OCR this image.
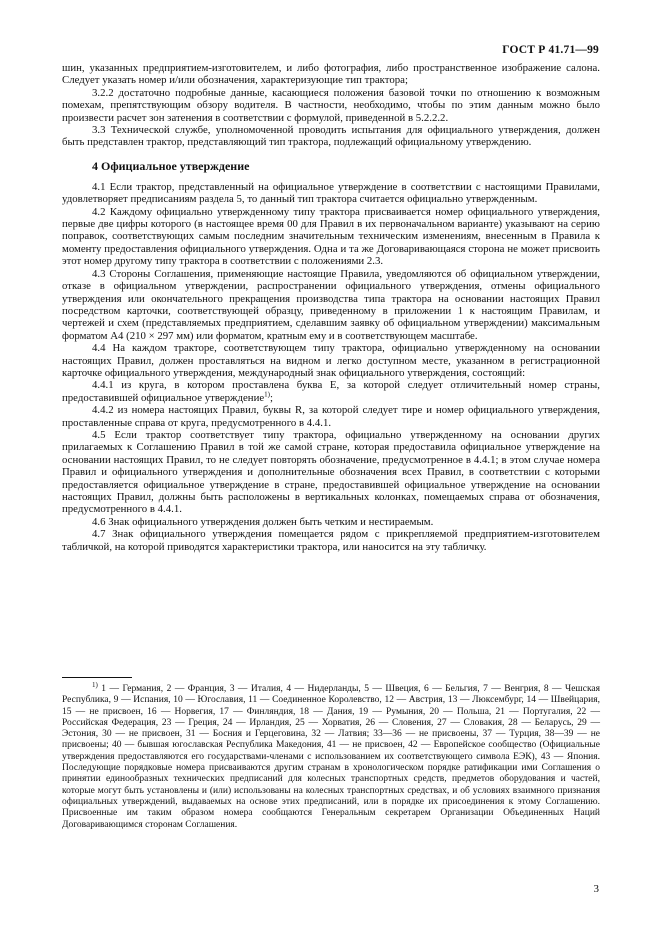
ГОСТ Р 41.71—99

шин, указанных предприятием-изготовителем, и либо фотография, либо пространственное изображение салона. Следует указать номер и/или обозначения, характеризующие тип трактора;

3.2.2 достаточно подробные данные, касающиеся положения базовой точки по отношению к возможным помехам, препятствующим обзору водителя. В частности, необходимо, чтобы по этим данным можно было произвести расчет зон затенения в соответствии с формулой, приведенной в 5.2.2.2.

3.3 Технической службе, уполномоченной проводить испытания для официального утверждения, должен быть представлен трактор, представляющий тип трактора, подлежащий официальному утверждению.

4 Официальное утверждение

4.1 Если трактор, представленный на официальное утверждение в соответствии с настоящими Правилами, удовлетворяет предписаниям раздела 5, то данный тип трактора считается официально утвержденным.

4.2 Каждому официально утвержденному типу трактора присваивается номер официального утверждения, первые две цифры которого (в настоящее время 00 для Правил в их первоначальном варианте) указывают на серию поправок, соответствующих самым последним значительным техническим изменениям, внесенным в Правила к моменту предоставления официального утверждения. Одна и та же Договаривающаяся сторона не может присвоить этот номер другому типу трактора в соответствии с положениями 2.3.

4.3 Стороны Соглашения, применяющие настоящие Правила, уведомляются об официальном утверждении, отказе в официальном утверждении, распространении официального утверждения, отмены официального утверждения или окончательного прекращения производства типа трактора на основании настоящих Правил посредством карточки, соответствующей образцу, приведенному в приложении 1 к настоящим Правилам, и чертежей и схем (представляемых предприятием, сделавшим заявку об официальном утверждении) максимальным форматом А4 (210 × 297 мм) или форматом, кратным ему и в соответствующем масштабе.

4.4 На каждом тракторе, соответствующем типу трактора, официально утвержденному на основании настоящих Правил, должен проставляться на видном и легко доступном месте, указанном в регистрационной карточке официального утверждения, международный знак официального утверждения, состоящий:

4.4.1 из круга, в котором проставлена буква Е, за которой следует отличительный номер страны, предоставившей официальное утверждение$^{1)}$;

4.4.2 из номера настоящих Правил, буквы R, за которой следует тире и номер официального утверждения, проставленные справа от круга, предусмотренного в 4.4.1.

4.5 Если трактор соответствует типу трактора, официально утвержденному на основании других прилагаемых к Соглашению Правил в той же самой стране, которая предоставила официальное утверждение на основании настоящих Правил, то не следует повторять обозначение, предусмотренное в 4.4.1; в этом случае номера Правил и официального утверждения и дополнительные обозначения всех Правил, в соответствии с которыми предоставляется официальное утверждение в стране, предоставившей официальное утверждение на основании настоящих Правил, должны быть расположены в вертикальных колонках, помещаемых справа от обозначения, предусмотренного в 4.4.1.

4.6 Знак официального утверждения должен быть четким и нестираемым.

4.7 Знак официального утверждения помещается рядом с прикрепляемой предприятием-изготовителем табличкой, на которой приводятся характеристики трактора, или наносится на эту табличку.

$^{1)}$ 1 — Германия, 2 — Франция, 3 — Италия, 4 — Нидерланды, 5 — Швеция, 6 — Бельгия, 7 — Венгрия, 8 — Чешская Республика, 9 — Испания, 10 — Югославия, 11 — Соединенное Королевство, 12 — Австрия, 13 — Люксембург, 14 — Швейцария, 15 — не присвоен, 16 — Норвегия, 17 — Финляндия, 18 — Дания, 19 — Румыния, 20 — Польша, 21 — Португалия, 22 — Российская Федерация, 23 — Греция, 24 — Ирландия, 25 — Хорватия, 26 — Словения, 27 — Словакия, 28 — Беларусь, 29 — Эстония, 30 — не присвоен, 31 — Босния и Герцеговина, 32 — Латвия; 33—36 — не присвоены, 37 — Турция, 38—39 — не присвоены; 40 — бывшая югославская Республика Македония, 41 — не присвоен, 42 — Европейское сообщество (Официальные утверждения предоставляются его государствами-членами с использованием их соответствующего символа ЕЭК), 43 — Япония. Последующие порядковые номера присваиваются другим странам в хронологическом порядке ратификации ими Соглашения о принятии единообразных технических предписаний для колесных транспортных средств, предметов оборудования и частей, которые могут быть установлены и (или) использованы на колесных транспортных средствах, и об условиях взаимного признания официальных утверждений, выдаваемых на основе этих предписаний, или в порядке их присоединения к этому Соглашению. Присвоенные им таким образом номера сообщаются Генеральным секретарем Организации Объединенных Наций Договаривающимся сторонам Соглашения.

3
